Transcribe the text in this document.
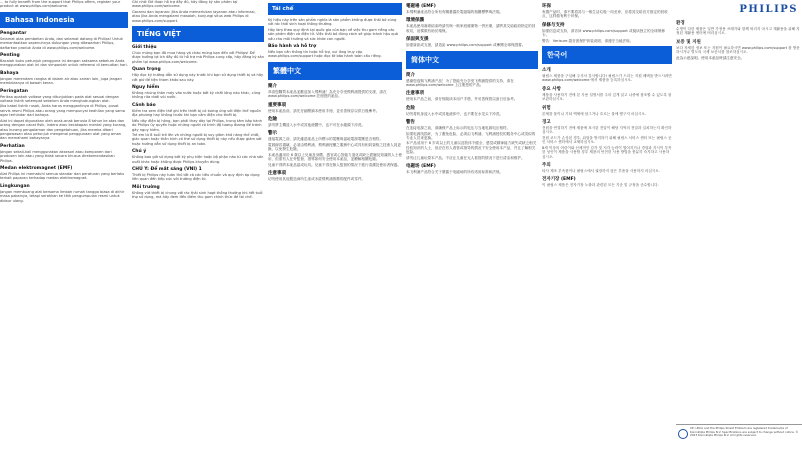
... to fully benefit from the support that Philips offers, register your product at www.philips.com/welcome.
Bahasa Indonesia
Pengantar
Selamat atas pembelian Anda, dan selamat datang di Philips! Untuk memanfaatkan sepenuhnya dukungan yang ditawarkan Philips, daftarkan produk Anda di www.philips.com/welcome.
Penting
Bacalah buku petunjuk pengguna ini dengan saksama sebelum Anda menggunakan alat ini dan simpanlah untuk referensi di kemudian hari.
Bahaya
Jangan merendam rangka di dalam air atau cairan lain, juga jangan membilasnya di bawah keran.
Peringatan
Periksa apakah voltase yang ditunjukkan pada alat sesuai dengan voltase listrik setempat sebelum Anda menghubungkan alat.
Jika kabel listrik rusak, Anda harus menggantinya di Philips, pusat servis resmi Philips atau orang yang mempunyai keahlian yang sama agar terhindar dari bahaya.
Alat ini dapat digunakan oleh anak-anak berusia 8 tahun ke atas dan orang dengan cacat fisik, indera atau kecakapan mental yang kurang, atau kurang pengalaman dan pengetahuan, jika mereka diberi pengawasan atau petunjuk mengenai penggunaan alat yang aman dan memahami bahayanya.
Perhatian
Jangan sekali-kali menggunakan aksesori atau komponen dari produsen lain atau yang tidak secara khusus direkomendasikan Philips.
Medan elektromagnet (EMF)
Alat Philips ini mematuhi semua standar dan peraturan yang berlaku terkait paparan terhadap medan elektromagnet.
Lingkungan
Jangan membuang alat bersama limbah rumah tangga biasa di akhir masa pakainya, tetapi serahkan ke titik pengumpulan resmi untuk didaur ulang.
Ghi nhớ: Để được hỗ trợ đầy đủ, hãy đăng ký sản phẩm tại www.philips.com/welcome.
Garansi dan layanan: Jika Anda memerlukan layanan atau informasi, atau jika Anda mengalami masalah, kunjungi situs web Philips di www.philips.com/support.
TIẾNG VIỆT
Giới thiệu
Chúc mừng bạn đã mua hàng và chào mừng bạn đến với Philips! Để được hưởng lợi ích đầy đủ từ hỗ trợ mà Philips cung cấp, hãy đăng ký sản phẩm tại www.philips.com/welcome.
Quan trọng
Hãy đọc kỹ hướng dẫn sử dụng này trước khi bạn sử dụng thiết bị và hãy cất giữ để tiện tham khảo sau này.
Nguy hiểm
Không nhúng thân máy vào nước hoặc bất kỳ chất lỏng nào khác, cũng không rửa dưới vòi nước.
Cảnh báo
Kiểm tra xem điện thế ghi trên thiết bị có tương ứng với điện thế nguồn địa phương hay không trước khi bạn cắm điện cho thiết bị.
Nếu dây điện bị hỏng, bạn phải thay dây tại Philips, trung tâm bảo hành do Philips ủy quyền hoặc những người có trình độ tương đương để tránh gây nguy hiểm.
Trẻ em từ 8 tuổi trở lên và những người bị suy giảm khả năng thể chất, giác quan hoặc thần kinh có thể sử dụng thiết bị này nếu được giám sát hoặc hướng dẫn sử dụng thiết bị an toàn.
Chú ý
Không bao giờ sử dụng bất kỳ phụ kiện hoặc bộ phận nào từ các nhà sản xuất khác hoặc không được Philips khuyên dùng.
CHÚ Ý: Để mắt sáng (VNI) 1
Thiết bị Philips này tuân thủ tất cả các tiêu chuẩn và quy định áp dụng liên quan đến tiếp xúc với trường điện từ.
Môi trường
Không vứt thiết bị chung với rác thải sinh hoạt thông thường khi hết tuổi thọ sử dụng, mà hãy đem đến điểm thu gom chính thức để tái chế.
Tái chế
Ký hiệu này trên sản phẩm nghĩa là sản phẩm không được thải bỏ cùng với rác thải sinh hoạt thông thường.
Hãy làm theo quy định tại quốc gia của bạn về việc thu gom riêng các sản phẩm điện và điện tử. Việc thải bỏ đúng cách sẽ giúp tránh hậu quả xấu cho môi trường và sức khỏe con người.
Bảo hành và hỗ trợ
Nếu bạn cần thông tin hoặc hỗ trợ, vui lòng truy cập www.philips.com/support hoặc đọc tờ bảo hành toàn cầu riêng.
繁體中文
簡介
恭喜您購買本產品並歡迎加入飛利浦！為充分享受飛利浦提供的支援，請在 www.philips.com/welcome 註冊您的產品。
重要事項
使用本產品前，請先仔細閱讀本使用手冊，並妥善保存以供日後參考。
危險
請勿將主機浸入水中或其他液體中，也不可在水龍頭下沖洗。
警示
連接電源之前，請先確認產品上所標示的電壓與當地電源電壓是否相符。
電源線若損壞，必須由飛利浦、飛利浦授權之服務中心或具有相同資格之技術人員更換，以免發生危險。
本產品適用於 8 歲以上兒童及身體、感官或心智能力退化或缺乏經驗及知識的人士使用，但需有人在旁監督、指導如何安全使用本產品，並瞭解相關危險。
兒童不得將本產品當成玩具。兒童不得在無人監督的情況下進行清潔及使用者保養。
注意事項
切勿使用其他製造商所生產或未經飛利浦推薦的配件或零件。
電磁場 (EMF)
本飛利浦產品符合所有有關暴露於電磁場的相關標準與法規。
環境保護
本產品使用壽命結束時請勿與一般家庭廢棄物一併丟棄，請將其交給政府指定的回收站，這樣做有助於環保。
保固與支援
如需資訊或支援，請造訪 www.philips.com/support 或參閱全球保證書。
简体中文
简介
感谢您选购飞利浦产品！为了您能充分享受飞利浦提供的支持，请在 www.philips.com/welcome 上注册您的产品。
注意事项
使用本产品之前，请仔细阅读本用户手册，并妥善保管以备日后参考。
危险
切勿将机身浸入水中或其他液体中，也不要在水龙头下冲洗。
警告
在连接电源之前，请确保产品上标示的电压与当地电源电压相符。
如果电源线损坏，为了避免危险，必须由飞利浦、飞利浦授权的服务中心或类似的专业人员来更换。
本产品适用于 8 岁或以上的儿童以及肢体不健全、感觉或精神能力缺失或缺乏相关经验知识的人士，但应在有人看管或指导的情况下安全使用本产品，并且了解相关危险。
请勿让儿童玩耍本产品。不应让儿童在无人看管的情况下进行清洁和维护。
电磁场 (EMF)
本飞利浦产品符合关于暴露于电磁场的所有适用标准和法规。
环保
弃置产品时，请不要将其与一般生活垃圾一同丢弃，应将其交给官方指定的回收点，这样做有利于环保。
保修与支持
如需信息或支持，请访问 www.philips.com/support 或阅读独立的全球保修卡。
警告：Verisure 超音波保护套装说明，请遵守当地法规。
한국어
소개
필립스 제품을 구입해 주셔서 감사합니다! 필립스가 드리는 지원 혜택을 받으시려면 www.philips.com/welcome 에서 제품을 등록하십시오.
중요 사항
제품을 사용하기 전에 본 사용 설명서를 주의 깊게 읽고 나중에 참조할 수 있도록 잘 보관하십시오.
위험
본체를 물이나 기타 액체에 담그거나 흐르는 물에 헹구지 마십시오.
경고
전원을 연결하기 전에 제품에 표시된 전압이 해당 지역의 전압과 일치하는지 확인하십시오.
전원 코드가 손상된 경우, 위험을 방지하기 위해 필립스 서비스 센터 또는 필립스 공인 서비스 센터에서 교체하십시오.
8세 이상의 어린이와 신체적인 감각 및 지각 능력이 떨어지거나 경험과 지식이 부족한 성인이 제품을 사용할 경우 제품의 안전한 사용 방법을 충분히 숙지하고 사용하십시오.
주의
타사 제조 부속품이나 필립스에서 권장하지 않은 부품을 사용하지 마십시오.
전자기장 (EMF)
이 필립스 제품은 전자기장 노출과 관련된 모든 기준 및 규정을 준수합니다.
PHILIPS
환경
수명이 다한 제품은 일반 가정용 쓰레기와 함께 버리지 마시고 재활용을 위해 지정된 재활용 센터에 버리십시오.
보증 및 지원
보다 자세한 정보 또는 지원이 필요하시면 www.philips.com/support 를 방문하시거나 별도의 국제 보증서를 참조하십시오.
此為示意說明。使用本產品時請注意安全。
CE, UKCA and the Philips Shield Emblem are registered trademarks of Koninklijke Philips N.V. Specifications are subject to change without notice. © 2023 Koninklijke Philips N.V. All rights reserved.
